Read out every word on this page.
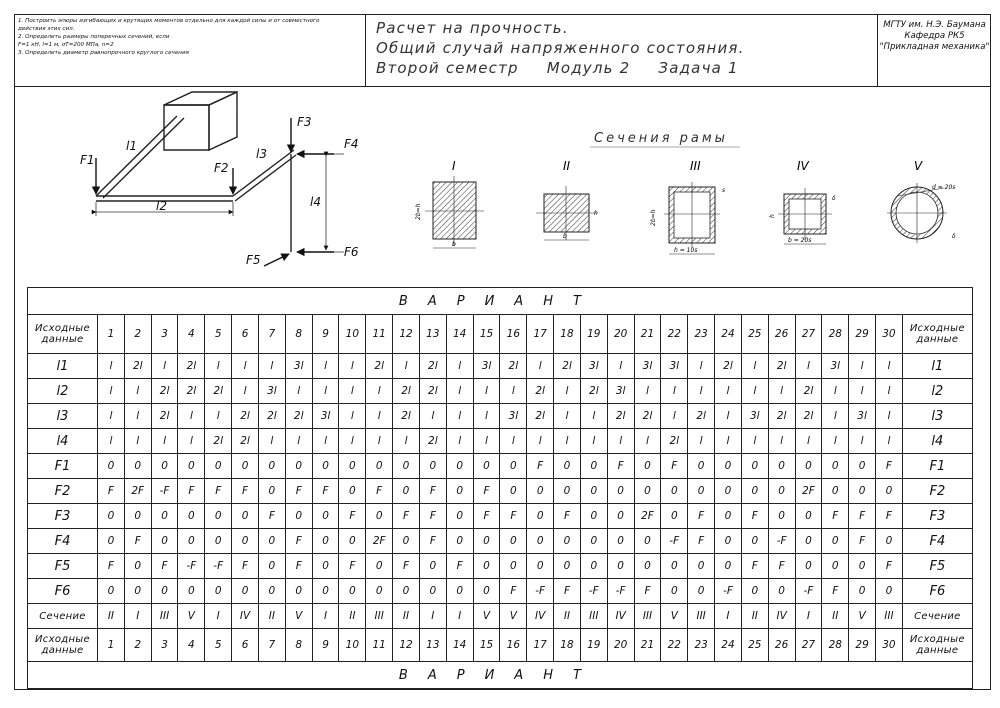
1. Построить эпюры изгибающих и крутящих моментов отдельно для каждой силы и от совместного
действия этих сил.
2. Определить размеры поперечных сечений, если
F=1 кН, l=1 м, σT=200 МПа, n=2
3. Определить диаметр равнопрочного круглого сечения
Расчет на прочность.
Общий случай напряженного состояния.
Второй семестр Модуль 2 Задача 1
МГТУ им. Н.Э. Баумана
Кафедра РК5
"Прикладная механика"
F1
F2
F3
F4
F5
F6
l1
l2
l3
l4
Сечения рамы
I
2b=h
b
II
b
h
III
2b=h
s
h = 10s
IV
h
δ
b = 20s
V
d = 20s
δ
ВАРИАНТ																															
Исходные данные	1	2	3	4	5	6	7	8	9	10	11	12	13	14	15	16	17	18	19	20	21	22	23	24	25	26	27	28	29	30	Исходные данные
l1	l	2l	l	2l	l	l	l	3l	l	l	2l	l	2l	l	3l	2l	l	2l	3l	l	3l	3l	l	2l	l	2l	l	3l	l	l	l1
l2	l	l	2l	2l	2l	l	3l	l	l	l	l	2l	2l	l	l	l	2l	l	2l	3l	l	l	l	l	l	l	2l	l	l	l	l2
l3	l	l	2l	l	l	2l	2l	2l	3l	l	l	2l	l	l	l	3l	2l	l	l	2l	2l	l	2l	l	3l	2l	2l	l	3l	l	l3
l4	l	l	l	l	2l	2l	l	l	l	l	l	l	2l	l	l	l	l	l	l	l	l	2l	l	l	l	l	l	l	l	l	l4
F1	0	0	0	0	0	0	0	0	0	0	0	0	0	0	0	0	F	0	0	F	0	F	0	0	0	0	0	0	0	F	F1
F2	F	2F	-F	F	F	F	0	F	F	0	F	0	F	0	F	0	0	0	0	0	0	0	0	0	0	0	2F	0	0	0	F2
F3	0	0	0	0	0	0	F	0	0	F	0	F	F	0	F	F	0	F	0	0	2F	0	F	0	F	0	0	F	F	F	F3
F4	0	F	0	0	0	0	0	F	0	0	2F	0	F	0	0	0	0	0	0	0	0	-F	F	0	0	-F	0	0	F	0	F4
F5	F	0	F	-F	-F	F	0	F	0	F	0	F	0	F	0	0	0	0	0	0	0	0	0	0	F	F	0	0	0	F	F5
F6	0	0	0	0	0	0	0	0	0	0	0	0	0	0	0	F	-F	F	-F	-F	F	0	0	-F	0	0	-F	F	0	0	F6
Сечение	II	I	III	V	I	IV	II	V	I	II	III	II	I	I	V	V	IV	II	III	IV	III	V	III	I	II	IV	I	II	V	III	Сечение
Исходные данные	1	2	3	4	5	6	7	8	9	10	11	12	13	14	15	16	17	18	19	20	21	22	23	24	25	26	27	28	29	30	Исходные данные
ВАРИАНТ																															
